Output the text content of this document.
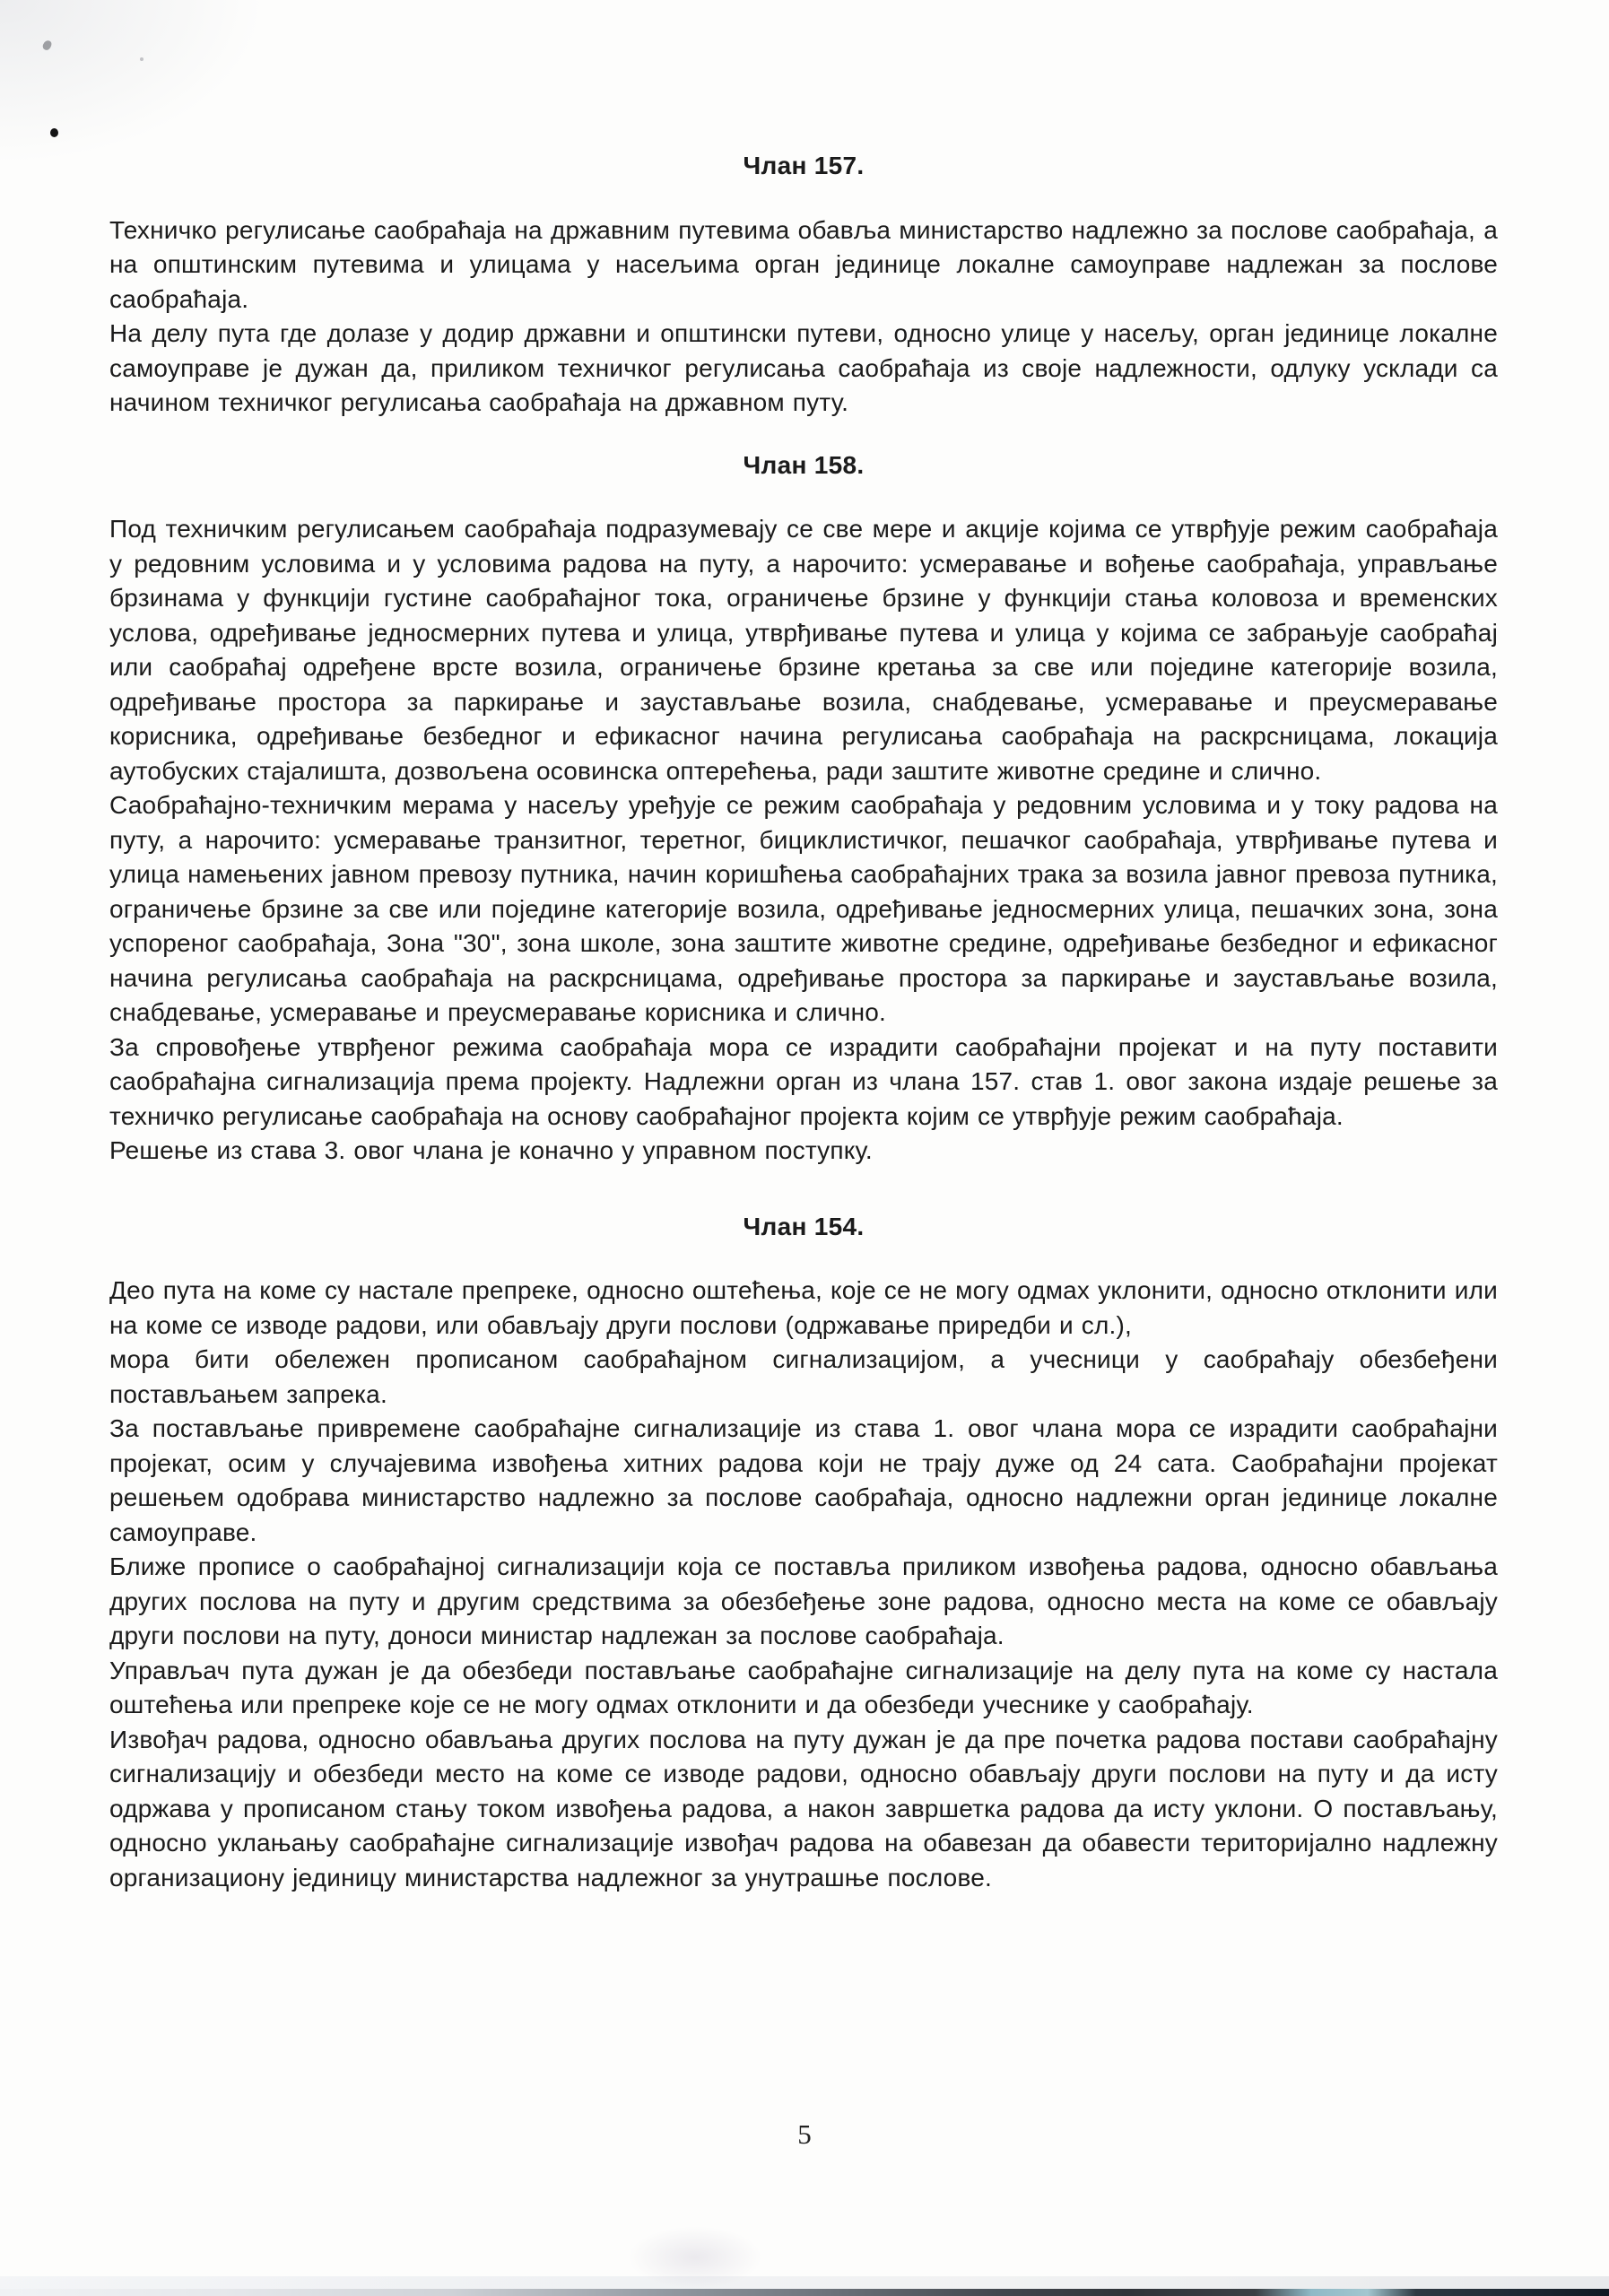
Члан 157.

Техничко регулисање саобраћаја на државним путевима обавља министарство надлежно за послове саобраћаја, а на општинским путевима и улицама у насељима орган јединице локалне самоуправе надлежан за послове саобраћаја.

На делу пута где долазе у додир државни и општински путеви, односно улице у насељу, орган јединице локалне самоуправе је дужан да, приликом техничког регулисања саобраћаја из своје надлежности, одлуку усклади са начином техничког регулисања саобраћаја на државном путу.

Члан 158.

Под техничким регулисањем саобраћаја подразумевају се све мере и акције којима се утврђује режим саобраћаја у редовним условима и у условима радова на путу, а нарочито: усмеравање и вођење саобраћаја, управљање брзинама у функцији густине саобраћајног тока, ограничење брзине у функцији стања коловоза и временских услова, одређивање једносмерних путева и улица, утврђивање путева и улица у којима се забрањује саобраћај или саобраћај одређене врсте возила, ограничење брзине кретања за све или поједине категорије возила, одређивање простора за паркирање и заустављање возила, снабдевање, усмеравање и преусмеравање корисника, одређивање безбедног и ефикасног начина регулисања саобраћаја на раскрсницама, локација аутобуских стајалишта, дозвољена осовинска оптерећења, ради заштите животне средине и слично.

Саобраћајно-техничким мерама у насељу уређује се режим саобраћаја у редовним условима и у току радова на путу, а нарочито: усмеравање транзитног, теретног, бициклистичког, пешачког саобраћаја, утврђивање путева и улица намењених јавном превозу путника, начин коришћења саобраћајних трака за возила јавног превоза путника, ограничење брзине за све или поједине категорије возила, одређивање једносмерних улица, пешачких зона, зона успореног саобраћаја, Зона "30", зона школе, зона заштите животне средине, одређивање безбедног и ефикасног начина регулисања саобраћаја на раскрсницама, одређивање простора за паркирање и заустављање возила, снабдевање, усмеравање и преусмеравање корисника и слично.

За спровођење утврђеног режима саобраћаја мора се израдити саобраћајни пројекат и на путу поставити саобраћајна сигнализација према пројекту. Надлежни орган из члана 157. став 1. овог закона издаје решење за техничко регулисање саобраћаја на основу саобраћајног пројекта којим се утврђује режим саобраћаја.

Решење из става 3. овог члана је коначно у управном поступку.

Члан 154.

Део пута на коме су настале препреке, односно оштећења, које се не могу одмах уклонити, односно отклонити или на коме се изводе радови, или обављају други послови (одржавање приредби и сл.),

мора бити обележен прописаном саобраћајном сигнализацијом, а учесници у саобраћају обезбеђени постављањем запрека.

За постављање привремене саобраћајне сигнализације из става 1. овог члана мора се израдити саобраћајни пројекат, осим у случајевима извођења хитних радова који не трају дуже од 24 сата. Саобраћајни пројекат решењем одобрава министарство надлежно за послове саобраћаја, односно надлежни орган јединице локалне самоуправе.

Ближе прописе о саобраћајној сигнализацији која се поставља приликом извођења радова, односно обављања других послова на путу и другим средствима за обезбеђење зоне радова, односно места на коме се обављају други послови на путу, доноси министар надлежан за послове саобраћаја.

Управљач пута дужан је да обезбеди постављање саобраћајне сигнализације на делу пута на коме су настала оштећења или препреке које се не могу одмах отклонити и да обезбеди учеснике у саобраћају.

Извођач радова, односно обављања других послова на путу дужан је да пре почетка радова постави саобраћајну сигнализацију и обезбеди место на коме се изводе радови, односно обављају други послови на путу и да исту одржава у прописаном стању током извођења радова, а након завршетка радова да исту уклони. О постављању, односно уклањању саобраћајне сигнализације извођач радова на обавезан да обавести територијално надлежну организациону јединицу министарства надлежног за унутрашње послове.

5
